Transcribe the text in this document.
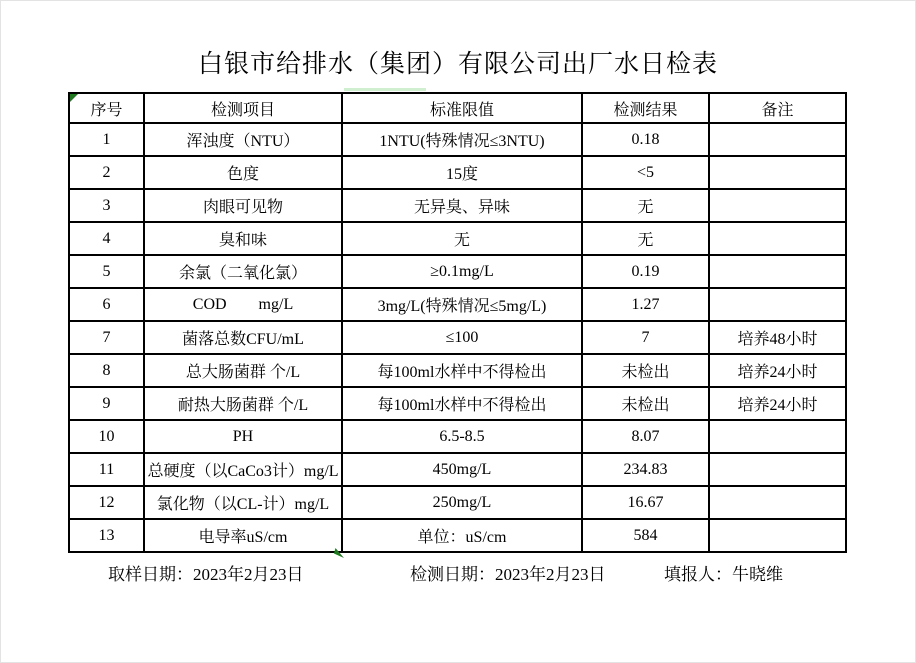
白银市给排水（集团）有限公司出厂水日检表
序号	检测项目	标准限值	检测结果	备注
1	浑浊度（NTU）	1NTU(特殊情况≤3NTU)	0.18	
2	色度	15度	<5	
3	肉眼可见物	无异臭、异味	无	
4	臭和味	无	无	
5	余氯（二氧化氯）	≥0.1mg/L	0.19	
6	COD        mg/L	3mg/L(特殊情况≤5mg/L)	1.27	
7	菌落总数CFU/mL	≤100	7	培养48小时
8	总大肠菌群 个/L	每100ml水样中不得检出	未检出	培养24小时
9	耐热大肠菌群 个/L	每100ml水样中不得检出	未检出	培养24小时
10	PH	6.5-8.5	8.07	
11	总硬度（以CaCo3计）mg/L	450mg/L	234.83	
12	氯化物（以CL-计）mg/L	250mg/L	16.67	
13	电导率uS/cm	单位：uS/cm	584	
取样日期：2023年2月23日	检测日期：2023年2月23日	填报人：牛晓维
